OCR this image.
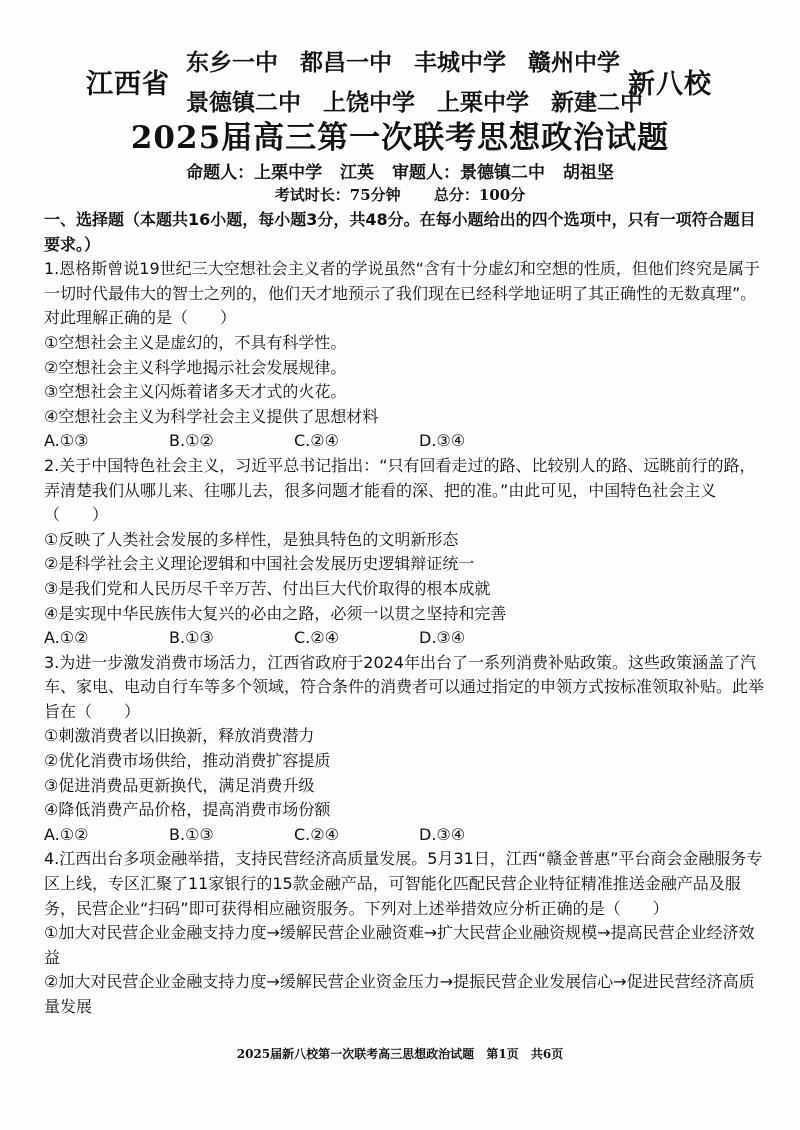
江西省
东乡一中 都昌一中 丰城中学 赣州中学
景德镇二中 上饶中学 上栗中学 新建二中
新八校
2025届高三第一次联考思想政治试题
命题人：上栗中学 江英 审题人：景德镇二中 胡祖坚
考试时长：75分钟 总分：100分

一、选择题（本题共16小题，每小题3分，共48分。在每小题给出的四个选项中，只有一项符合题目要求。）

1.恩格斯曾说19世纪三大空想社会主义者的学说虽然“含有十分虚幻和空想的性质，但他们终究是属于一切时代最伟大的智士之列的，他们天才地预示了我们现在已经科学地证明了其正确性的无数真理”。对此理解正确的是（　　）

①空想社会主义是虚幻的，不具有科学性。

②空想社会主义科学地揭示社会发展规律。

③空想社会主义闪烁着诸多天才式的火花。

④空想社会主义为科学社会主义提供了思想材料

A.①③	B.①②	C.②④	D.③④

2.关于中国特色社会主义，习近平总书记指出：“只有回看走过的路、比较别人的路、远眺前行的路，弄清楚我们从哪儿来、往哪儿去，很多问题才能看的深、把的准。”由此可见，中国特色社会主义（　　）

①反映了人类社会发展的多样性，是独具特色的文明新形态

②是科学社会主义理论逻辑和中国社会发展历史逻辑辩证统一

③是我们党和人民历尽千辛万苦、付出巨大代价取得的根本成就

④是实现中华民族伟大复兴的必由之路，必须一以贯之坚持和完善

A.①②	B.①③	C.②④	D.③④

3.为进一步激发消费市场活力，江西省政府于2024年出台了一系列消费补贴政策。这些政策涵盖了汽车、家电、电动自行车等多个领域，符合条件的消费者可以通过指定的申领方式按标准领取补贴。此举旨在（　　）

①刺激消费者以旧换新，释放消费潜力

②优化消费市场供给，推动消费扩容提质

③促进消费品更新换代，满足消费升级

④降低消费产品价格，提高消费市场份额

A.①②	B.①③	C.②④	D.③④

4.江西出台多项金融举措，支持民营经济高质量发展。5月31日，江西“赣金普惠”平台商会金融服务专区上线，专区汇聚了11家银行的15款金融产品，可智能化匹配民营企业特征精准推送金融产品及服务，民营企业“扫码”即可获得相应融资服务。下列对上述举措效应分析正确的是（　　）

①加大对民营企业金融支持力度→缓解民营企业融资难→扩大民营企业融资规模→提高民营企业经济效益

②加大对民营企业金融支持力度→缓解民营企业资金压力→提振民营企业发展信心→促进民营经济高质量发展

2025届新八校第一次联考高三思想政治试题 第1页 共6页
